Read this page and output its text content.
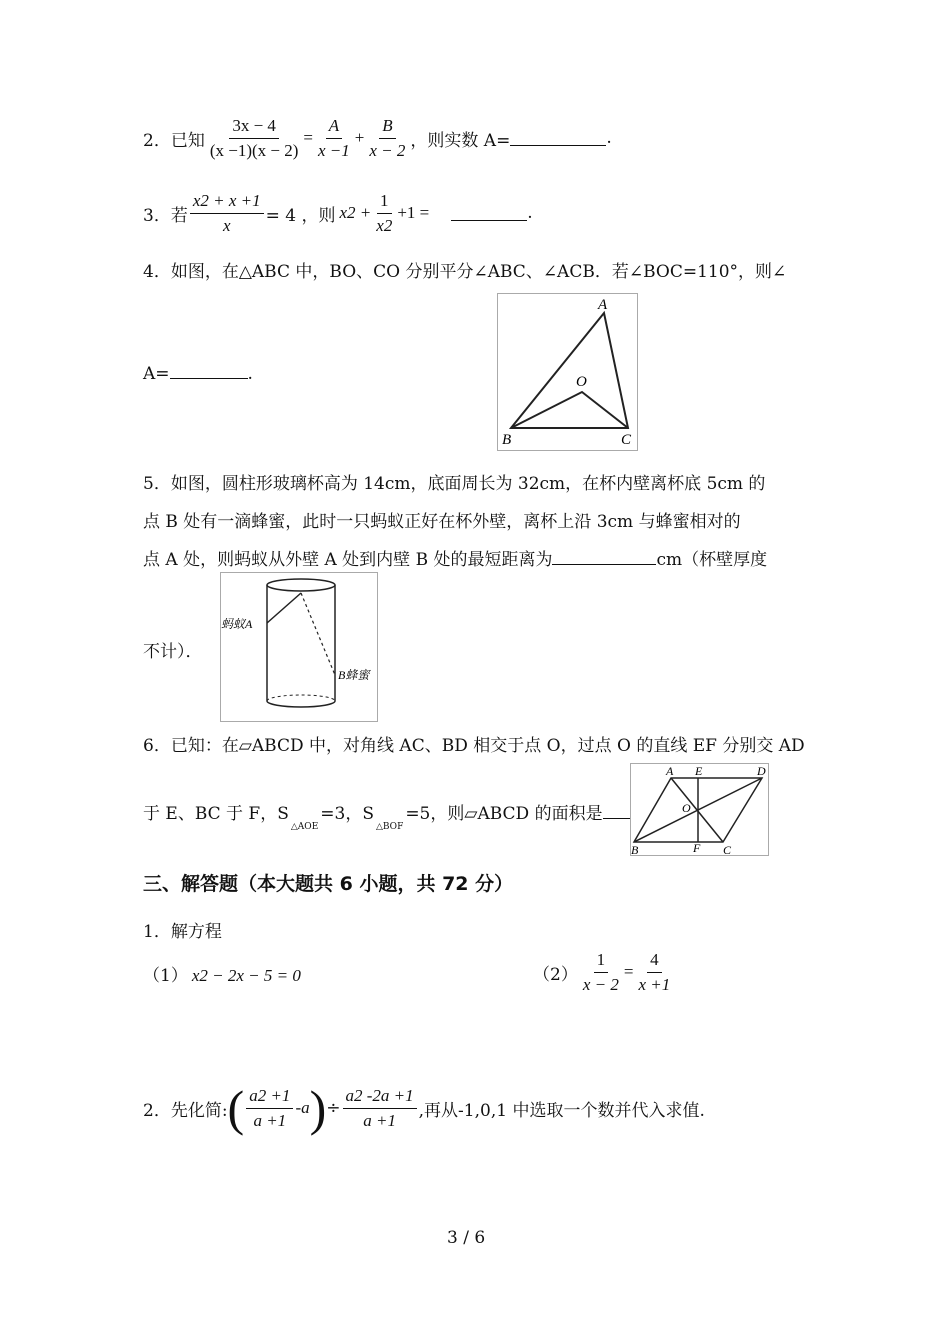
2． 已知 $\frac{3x - 4}{(x -1)(x - 2)} = \frac{A}{x -1} + \frac{B}{x - 2}$ ，则实数 A=	.
3． 若 $\frac{x2 + x +1}{x} = 4$ ，则 $x2 + \frac{1}{x2} +1$ =	.
4．如图，在△ABC 中，BO、CO 分别平分∠ABC、∠ACB．若∠BOC=110°，则∠
A=	.
A
O
B	C
5．如图，圆柱形玻璃杯高为 14cm，底面周长为 32cm，在杯内壁离杯底 5cm 的
点 B 处有一滴蜂蜜，此时一只蚂蚁正好在杯外壁，离杯上沿 3cm 与蜂蜜相对的
点 A 处，则蚂蚁从外壁 A 处到内壁 B 处的最短距离为	cm（杯壁厚度
不计）．
蚂蚁A
B蜂蜜
6．已知：在▱ABCD 中，对角线 AC、BD 相交于点 O，过点 O 的直线 EF 分别交 AD
于 E、BC 于 F，$S_{\triangle AOE}=3$，$S_{\triangle BOF}=5$，则▱ABCD 的面积是
A E	D
O
B	F C
三、解答题（本大题共 6 小题，共 72 分）
1．解方程
（1） x2 − 2x − 5 = 0	$(2) \frac{1}{x - 2} = \frac{4}{x +1}$
2．先化简: ( $\frac{a2 +1}{a +1} -a$ ) ÷ $\frac{a2 -2a +1}{a +1}$ ,再从-1,0,1 中选取一个数并代入求值.
3 / 6
